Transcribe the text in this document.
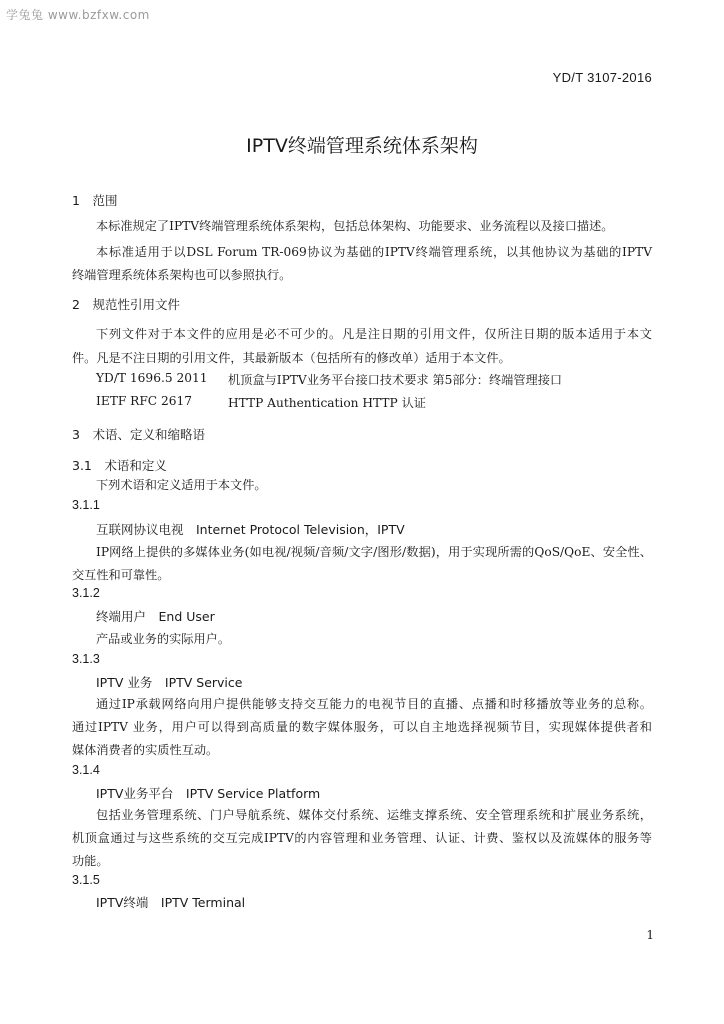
学兔兔 www.bzfxw.com
YD/T 3107-2016
IPTV终端管理系统体系架构
1　范围
本标准规定了IPTV终端管理系统体系架构，包括总体架构、功能要求、业务流程以及接口描述。
本标准适用于以DSL Forum TR-069协议为基础的IPTV终端管理系统，以其他协议为基础的IPTV
终端管理系统体系架构也可以参照执行。
2　规范性引用文件
下列文件对于本文件的应用是必不可少的。凡是注日期的引用文件，仅所注日期的版本适用于本文
件。凡是不注日期的引用文件，其最新版本（包括所有的修改单）适用于本文件。
YD/T 1696.5 2011 机顶盒与IPTV业务平台接口技术要求 第5部分：终端管理接口
IETF RFC 2617	HTTP Authentication HTTP 认证
3　术语、定义和缩略语
3.1　术语和定义
下列术语和定义适用于本文件。
3.1.1
互联网协议电视　Internet Protocol Television，IPTV
IP网络上提供的多媒体业务(如电视/视频/音频/文字/图形/数据)，用于实现所需的QoS/QoE、安全性、
交互性和可靠性。
3.1.2
终端用户　End User
产品或业务的实际用户。
3.1.3
IPTV 业务　IPTV Service
通过IP承载网络向用户提供能够支持交互能力的电视节目的直播、点播和时移播放等业务的总称。
通过IPTV 业务，用户可以得到高质量的数字媒体服务，可以自主地选择视频节目，实现媒体提供者和
媒体消费者的实质性互动。
3.1.4
IPTV业务平台　IPTV Service Platform
包括业务管理系统、门户导航系统、媒体交付系统、运维支撑系统、安全管理系统和扩展业务系统，
机顶盒通过与这些系统的交互完成IPTV的内容管理和业务管理、认证、计费、鉴权以及流媒体的服务等
功能。
3.1.5
IPTV终端　IPTV Terminal
1
